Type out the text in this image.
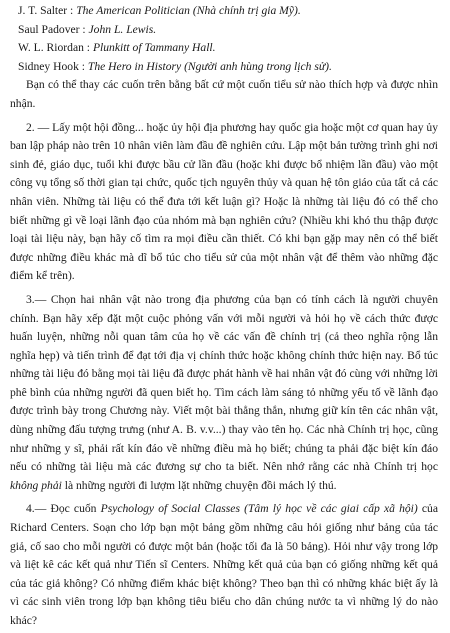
J. T. Salter : The American Politician (Nhà chính trị gia Mỹ).
Saul Padover : John L. Lewis.
W. L. Riordan : Plunkitt of Tammany Hall.
Sidney Hook : The Hero in History (Người anh hùng trong lịch sử).

Bạn có thể thay các cuốn trên bằng bất cứ một cuốn tiểu sử nào thích hợp và được nhìn nhận.

2. — Lấy một hội đồng... hoặc ủy hội địa phương hay quốc gia hoặc một cơ quan hay ủy ban lập pháp nào trên 10 nhân viên làm đầu đề nghiên cứu. Lập một bản tường trình ghi nơi sinh đẻ, giáo dục, tuổi khi được bầu cử lần đầu (hoặc khi được bổ nhiệm lần đầu) vào một công vụ tổng số thời gian tại chức, quốc tịch nguyên thủy và quan hệ tôn giáo của tất cả các nhân viên. Những tài liệu có thể đưa tới kết luận gì? Hoặc là những tài liệu đó có thể cho biết những gì về loại lãnh đạo của nhóm mà bạn nghiên cứu? (Nhiều khi khó thu thập được loại tài liệu này, bạn hãy cố tìm ra mọi điều cần thiết. Có khi bạn gặp may nên có thể biết được những điều khác mà dĩ bổ túc cho tiểu sử của một nhân vật để thêm vào những đặc điểm kể trên).

3.— Chọn hai nhân vật nào trong địa phương của bạn có tính cách là người chuyên chính. Bạn hãy xếp đặt một cuộc phỏng vấn với mỗi người và hỏi họ về cách thức được huấn luyện, những nỗi quan tâm của họ về các vấn đề chính trị (cả theo nghĩa rộng lẫn nghĩa hẹp) và tiến trình để đạt tới địa vị chính thức hoặc không chính thức hiện nay. Bổ túc những tài liệu đó bằng mọi tài liệu đã được phát hành về hai nhân vật đó cùng với những lời phê bình của những người đã quen biết họ. Tìm cách làm sáng tỏ những yếu tố về lãnh đạo được trình bày trong Chương này. Viết một bài thẳng thắn, nhưng giữ kín tên các nhân vật, dùng những đấu tượng trưng (như A. B. v.v...) thay vào tên họ. Các nhà Chính trị học, cũng như những y sĩ, phải rất kín đáo về những điều mà họ biết; chúng ta phải đặc biệt kín đáo nếu có những tài liệu mà các đương sự cho ta biết. Nên nhớ rằng các nhà Chính trị học không phải là những người đi lượm lặt những chuyện đồi mách lý thú.

4.— Đọc cuốn Psychology of Social Classes (Tâm lý học về các giai cấp xã hội) của Richard Centers. Soạn cho lớp bạn một bảng gồm những câu hỏi giống như bảng của tác giả, cố sao cho mỗi người có được một bản (hoặc tối đa là 50 bảng). Hỏi như vậy trong lớp và liệt kê các kết quả như Tiến sĩ Centers. Những kết quả của bạn có giống những kết quả của tác giả không? Có những điểm khác biệt không? Theo bạn thì có những khác biệt ấy là vì các sinh viên trong lớp bạn không tiêu biểu cho dân chúng nước ta vì những lý do nào khác?
